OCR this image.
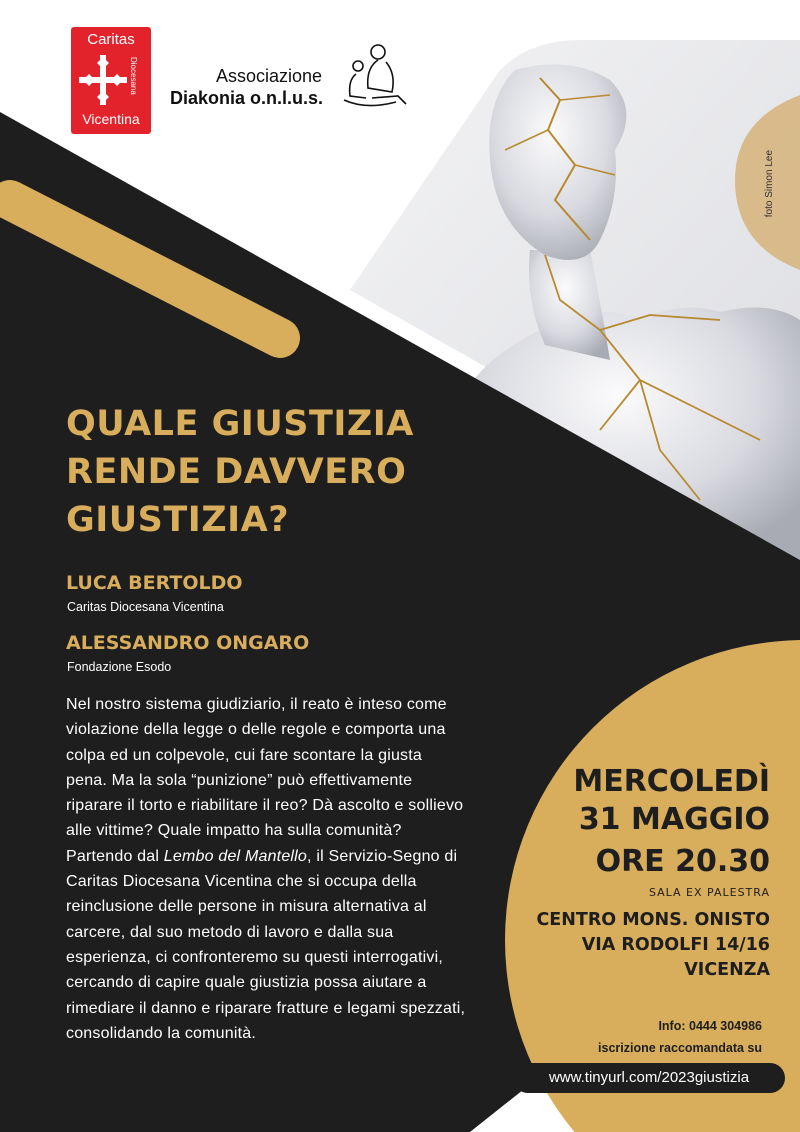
Caritas
Diocesana
Vicentina
Associazione
Diakonia o.n.l.u.s.
foto Simon Lee
QUALE GIUSTIZIA
RENDE DAVVERO
GIUSTIZIA?
LUCA BERTOLDO
Caritas Diocesana Vicentina
ALESSANDRO ONGARO
Fondazione Esodo

Nel nostro sistema giudiziario, il reato è inteso come violazione della legge o delle regole e comporta una colpa ed un colpevole, cui fare scontare la giusta pena. Ma la sola “punizione” può effettivamente riparare il torto e riabilitare il reo? Dà ascolto e sollievo alle vittime? Quale impatto ha sulla comunità? Partendo dal Lembo del Mantello, il Servizio-Segno di Caritas Diocesana Vicentina che si occupa della reinclusione delle persone in misura alternativa al carcere, dal suo metodo di lavoro e dalla sua esperienza, ci confronteremo su questi interrogativi, cercando di capire quale giustizia possa aiutare a rimediare il danno e riparare fratture e legami spezzati, consolidando la comunità.

MERCOLEDÌ
31 MAGGIO
ORE 20.30
SALA EX PALESTRA
CENTRO MONS. ONISTO
VIA RODOLFI 14/16
VICENZA
Info: 0444 304986
iscrizione raccomandata su
www.tinyurl.com/2023giustizia
